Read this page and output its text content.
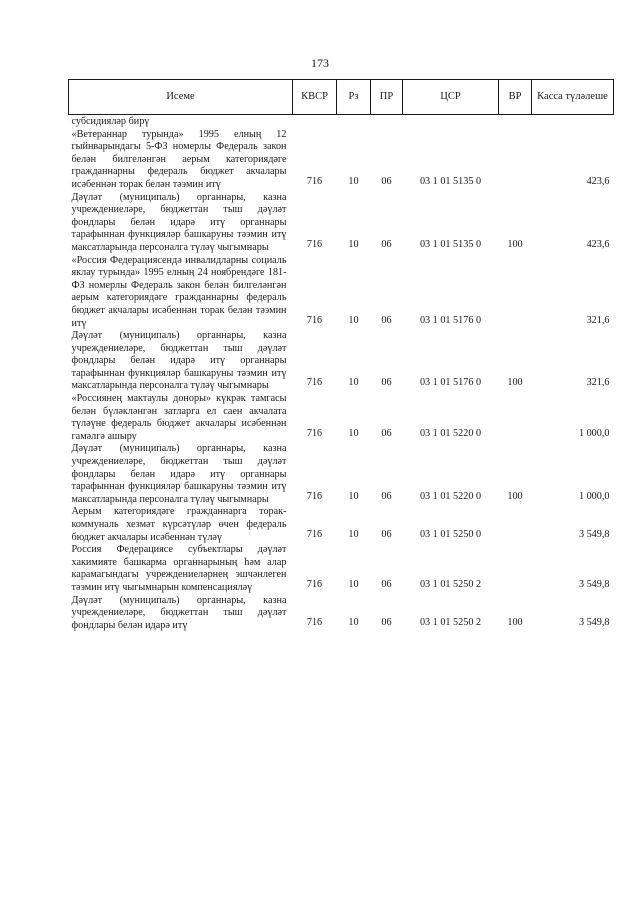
173
Исеме	КВСР	Рз	ПР	ЦСР	ВР	Касса түләлеше
субсидияләр бирү						
«Ветераннар турында» 1995 елның 12 гыйнварындагы 5-ФЗ номерлы Федераль закон белән билгеләнгән аерым категориядәге гражданнарны федераль бюджет акчалары исәбеннән торак белән тәэмин итү	716	10	06	03 1 01 5135 0		423,6
Дәүләт (муниципаль) органнары, казна учреждениеләре, бюджеттан тыш дәүләт фондлары белән идарә итү органнары тарафыннан функцияләр башкаруны тәэмин итү максатларында персоналга түләү чыгымнары	716	10	06	03 1 01 5135 0	100	423,6
«Россия Федерациясендә инвалидларны социаль яклау турында» 1995 елның 24 ноябрендәге 181-ФЗ номерлы Федераль закон белән билгеләнгән аерым категориядәге гражданнарны федераль бюджет акчалары исәбеннән торак белән тәэмин итү	716	10	06	03 1 01 5176 0		321,6
Дәүләт (муниципаль) органнары, казна учреждениеләре, бюджеттан тыш дәүләт фондлары белән идарә итү органнары тарафыннан функцияләр башкаруны тәэмин итү максатларында персоналга түләү чыгымнары	716	10	06	03 1 01 5176 0	100	321,6
«Россиянең мактаулы доноры» күкрәк тамгасы белән бүләкләнгән затларга ел саен акчалата түләүне федераль бюджет акчалары исәбеннән гамәлгә ашыру	716	10	06	03 1 01 5220 0		1 000,0
Дәүләт (муниципаль) органнары, казна учреждениеләре, бюджеттан тыш дәүләт фондлары белән идарә итү органнары тарафыннан функцияләр башкаруны тәэмин итү максатларында персоналга түләү чыгымнары	716	10	06	03 1 01 5220 0	100	1 000,0
Аерым категориядәге гражданнарга торак-коммуналь хезмәт күрсәтүләр өчен федераль бюджет акчалары исәбеннән түләү	716	10	06	03 1 01 5250 0		3 549,8
Россия Федерациясе субъектлары дәүләт хакимияте башкарма органнарының һәм алар карамагындагы учреждениеләрнең эшчәнлеген тәэмин итү чыгымнарын компенсацияләү	716	10	06	03 1 01 5250 2		3 549,8
Дәүләт (муниципаль) органнары, казна учреждениеләре, бюджеттан тыш дәүләт фондлары белән идарә итү	716	10	06	03 1 01 5250 2	100	3 549,8
